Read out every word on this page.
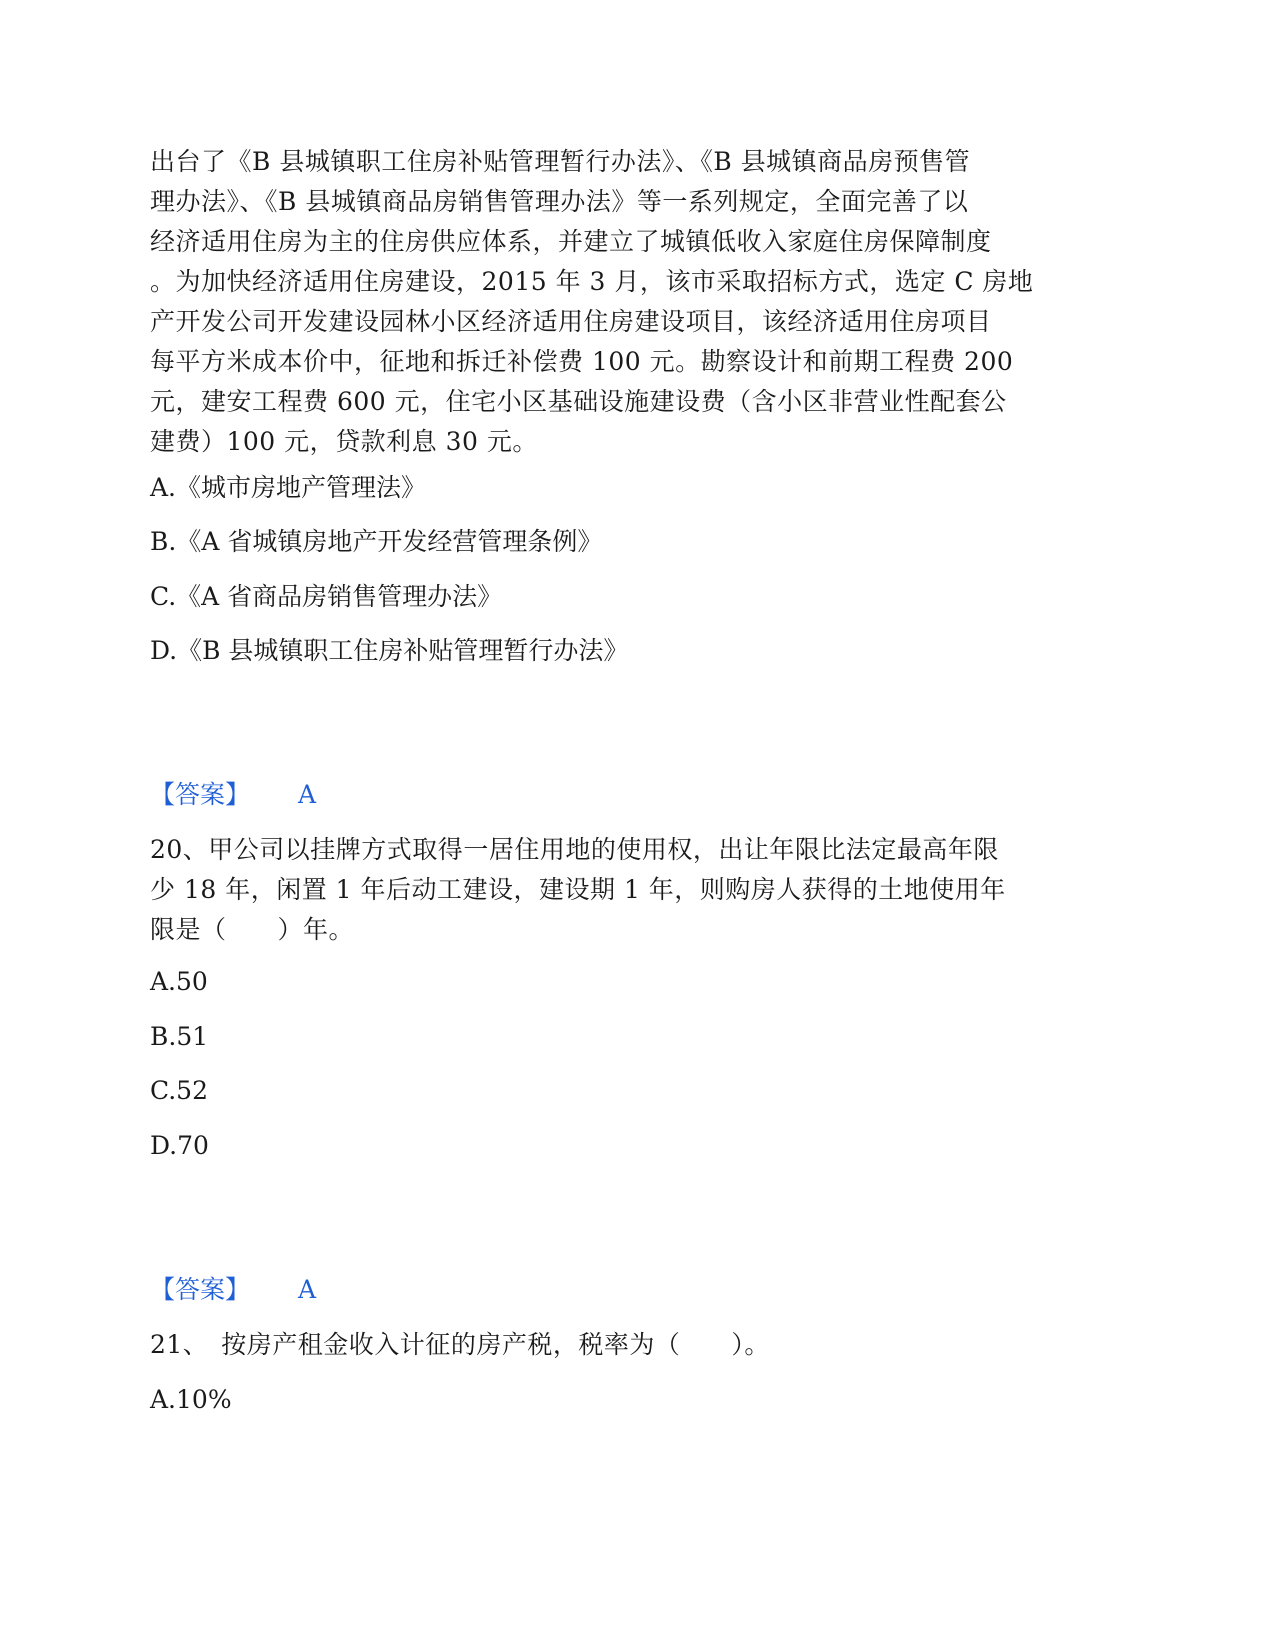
出台了《B 县城镇职工住房补贴管理暂行办法》、《B 县城镇商品房预售管
理办法》、《B 县城镇商品房销售管理办法》等一系列规定，全面完善了以
经济适用住房为主的住房供应体系，并建立了城镇低收入家庭住房保障制度
。为加快经济适用住房建设，2015 年 3 月，该市采取招标方式，选定 C 房地
产开发公司开发建设园林小区经济适用住房建设项目，该经济适用住房项目
每平方米成本价中，征地和拆迁补偿费 100 元。勘察设计和前期工程费 200
元，建安工程费 600 元，住宅小区基础设施建设费（含小区非营业性配套公
建费）100 元，贷款利息 30 元。
A.《城市房地产管理法》
B.《A 省城镇房地产开发经营管理条例》
C.《A 省商品房销售管理办法》
D.《B 县城镇职工住房补贴管理暂行办法》
【答案】 A
20、甲公司以挂牌方式取得一居住用地的使用权，出让年限比法定最高年限
少 18 年，闲置 1 年后动工建设，建设期 1 年，则购房人获得的土地使用年
限是（　　）年。
A.50
B.51
C.52
D.70
【答案】 A
21、　按房产租金收入计征的房产税，税率为（　　）。
A.10%
